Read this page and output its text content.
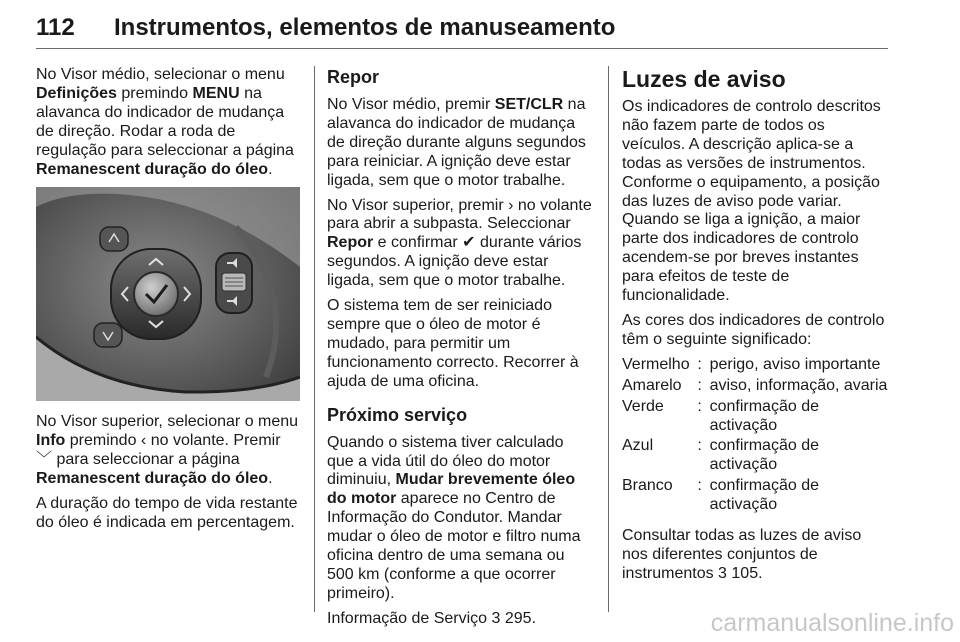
112 Instrumentos, elementos de manuseamento

No Visor médio, selecionar o menu Definições premindo MENU na alavanca do indicador de mudança de direção. Rodar a roda de regulação para seleccionar a página Remanescent duração do óleo.

No Visor superior, selecionar o menu Info premindo ‹ no volante. Premir ﹀ para seleccionar a página Remanescent duração do óleo.

A duração do tempo de vida restante do óleo é indicada em percentagem.

Repor

No Visor médio, premir SET/CLR na alavanca do indicador de mudança de direção durante alguns segundos para reiniciar. A ignição deve estar ligada, sem que o motor trabalhe.

No Visor superior, premir › no volante para abrir a subpasta. Seleccionar Repor e confirmar ✔ durante vários segundos. A ignição deve estar ligada, sem que o motor trabalhe.

O sistema tem de ser reiniciado sempre que o óleo de motor é mudado, para permitir um funcionamento correcto. Recorrer à ajuda de uma oficina.

Próximo serviço

Quando o sistema tiver calculado que a vida útil do óleo do motor diminuiu, Mudar brevemente óleo do motor aparece no Centro de Informação do Condutor. Mandar mudar o óleo de motor e filtro numa oficina dentro de uma semana ou 500 km (conforme a que ocorrer primeiro).

Informação de Serviço 3 295.

Luzes de aviso

Os indicadores de controlo descritos não fazem parte de todos os veículos. A descrição aplica-se a todas as versões de instrumentos. Conforme o equipamento, a posição das luzes de aviso pode variar. Quando se liga a ignição, a maior parte dos indicadores de controlo acendem-se por breves instantes para efeitos de teste de funcionalidade.

As cores dos indicadores de controlo têm o seguinte significado:

Vermelho	:	perigo, aviso importante
Amarelo	:	aviso, informação, avaria
Verde	:	confirmação de activação
Azul	:	confirmação de activação
Branco	:	confirmação de activação

Consultar todas as luzes de aviso nos diferentes conjuntos de instrumentos 3 105.

carmanualsonline.info
